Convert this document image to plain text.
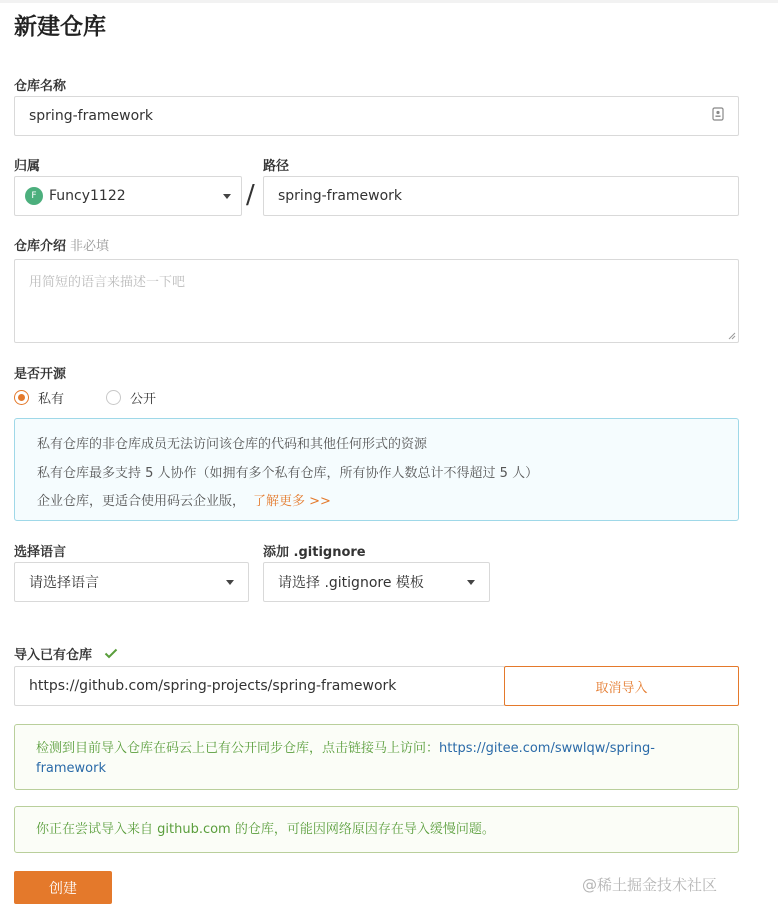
新建仓库
仓库名称
spring-framework
归属	路径
F Funcy1122	/ spring-framework
仓库介绍 非必填
用简短的语言来描述一下吧
是否开源
私有	公开
私有仓库的非仓库成员无法访问该仓库的代码和其他任何形式的资源
私有仓库最多支持 5 人协作（如拥有多个私有仓库，所有协作人数总计不得超过 5 人）
企业仓库，更适合使用码云企业版， 了解更多 >>
选择语言	添加 .gitignore
请选择语言	请选择 .gitignore 模板
导入已有仓库
https://github.com/spring-projects/spring-framework	取消导入
检测到目前导入仓库在码云上已有公开同步仓库，点击链接马上访问：https://gitee.com/swwlqw/spring-framework
你正在尝试导入来自 github.com 的仓库，可能因网络原因存在导入缓慢问题。
创建	@稀土掘金技术社区
